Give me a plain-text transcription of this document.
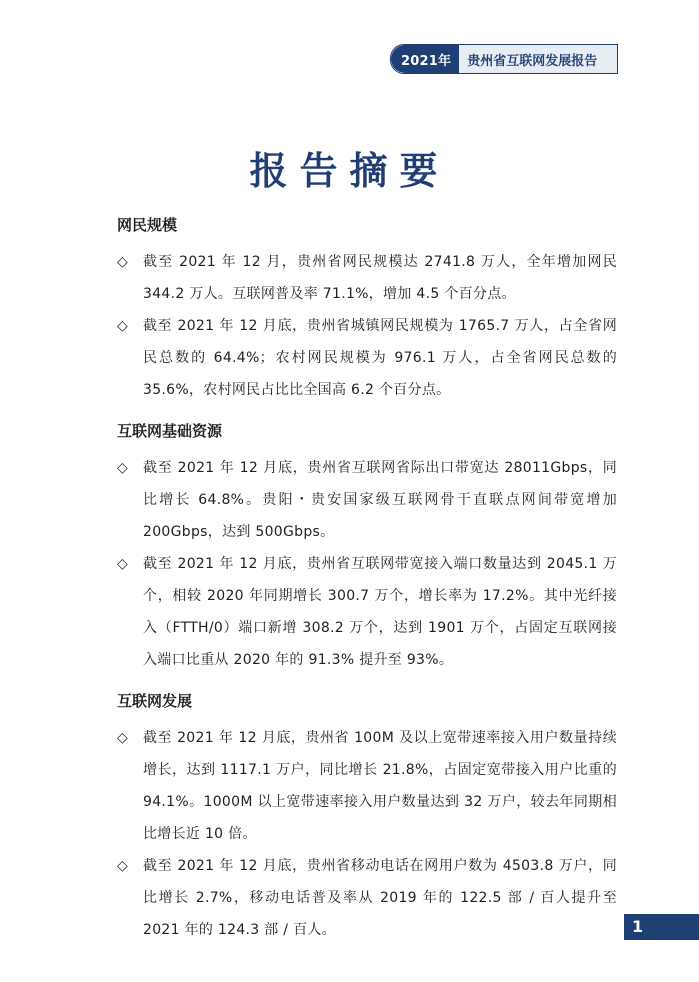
2021年	贵州省互联网发展报告
报告摘要
网民规模
◇	截至 2021 年 12 月，贵州省网民规模达 2741.8 万人，全年增加网民 344.2 万人。互联网普及率 71.1%，增加 4.5 个百分点。
◇	截至 2021 年 12 月底，贵州省城镇网民规模为 1765.7 万人，占全省网民总数的 64.4%；农村网民规模为 976.1 万人，占全省网民总数的 35.6%，农村网民占比比全国高 6.2 个百分点。
互联网基础资源
◇	截至 2021 年 12 月底，贵州省互联网省际出口带宽达 28011Gbps，同比增长 64.8%。贵阳・贵安国家级互联网骨干直联点网间带宽增加 200Gbps，达到 500Gbps。
◇	截至 2021 年 12 月底，贵州省互联网带宽接入端口数量达到 2045.1 万个，相较 2020 年同期增长 300.7 万个，增长率为 17.2%。其中光纤接入（FTTH/0）端口新增 308.2 万个，达到 1901 万个，占固定互联网接入端口比重从 2020 年的 91.3% 提升至 93%。
互联网发展
◇	截至 2021 年 12 月底，贵州省 100M 及以上宽带速率接入用户数量持续增长，达到 1117.1 万户，同比增长 21.8%，占固定宽带接入用户比重的 94.1%。1000M 以上宽带速率接入用户数量达到 32 万户，较去年同期相比增长近 10 倍。
◇	截至 2021 年 12 月底，贵州省移动电话在网用户数为 4503.8 万户，同比增长 2.7%，移动电话普及率从 2019 年的 122.5 部 / 百人提升至 2021 年的 124.3 部 / 百人。	1
